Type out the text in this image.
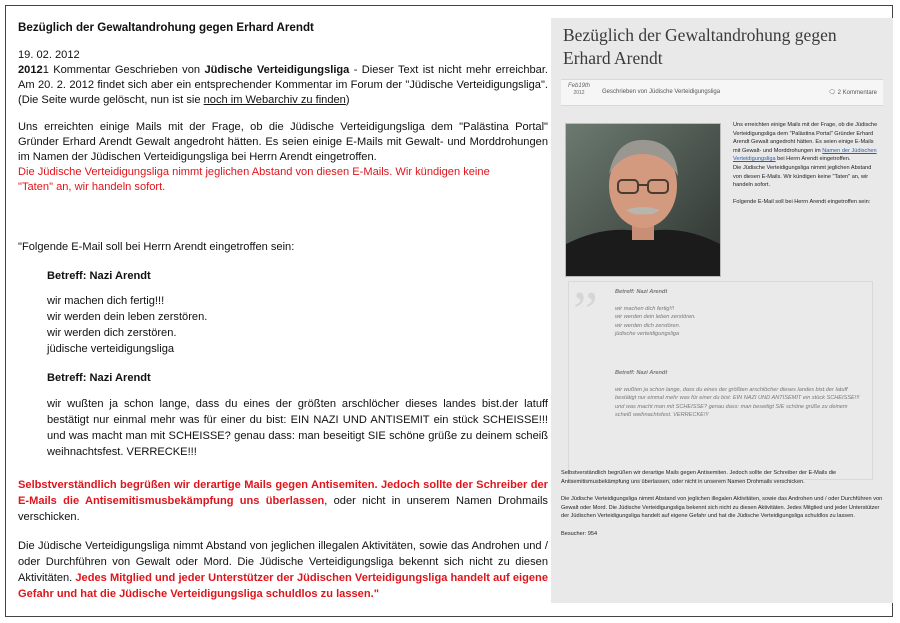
Bezüglich der Gewaltandrohung gegen Erhard Arendt

19. 02. 2012

20121 Kommentar Geschrieben von Jüdische Verteidigungsliga - Dieser Text ist nicht mehr erreichbar. Am 20. 2. 2012 findet sich aber ein entsprechender Kommentar im Forum der "Jüdische Verteidigungsliga". (Die Seite wurde gelöscht, nun ist sie noch im Webarchiv zu finden)

Uns erreichten einige Mails mit der Frage, ob die Jüdische Verteidigungsliga dem "Palästina Portal" Gründer Erhard Arendt Gewalt angedroht hätten. Es seien einige E-Mails mit Gewalt- und Morddrohungen im Namen der Jüdischen Verteidigungsliga bei Herrn Arendt eingetroffen.

Die Jüdische Verteidigungsliga nimmt jeglichen Abstand von diesen E-Mails. Wir kündigen keine "Taten" an, wir handeln sofort.

"Folgende E-Mail soll bei Herrn Arendt eingetroffen sein:

Betreff: Nazi Arendt

wir machen dich fertig!!!

wir werden dein leben zerstören.

wir werden dich zerstören.

jüdische verteidigungsliga

Betreff: Nazi Arendt

wir wußten ja schon lange, dass du eines der größten arschlöcher dieses landes bist.der latuff bestätigt nur einmal mehr was für einer du bist: EIN NAZI UND ANTISEMIT ein stück SCHEISSE!!! und was macht man mit SCHEISSE? genau dass: man beseitigt SIE schöne grüße zu deinem scheiß weihnachtsfest. VERRECKE!!!

Selbstverständlich begrüßen wir derartige Mails gegen Antisemiten. Jedoch sollte der Schreiber der E-Mails die Antisemitismusbekämpfung uns überlassen, oder nicht in unserem Namen Drohmails verschicken.

Die Jüdische Verteidigungsliga nimmt Abstand von jeglichen illegalen Aktivitäten, sowie das Androhen und / oder Durchführen von Gewalt oder Mord. Die Jüdische Verteidigungsliga bekennt sich nicht zu diesen Aktivitäten. Jedes Mitglied und jeder Unterstützer der Jüdischen Verteidigungsliga handelt auf eigene Gefahr und hat die Jüdische Verteidigungsliga schuldlos zu lassen."

Bezüglich der Gewaltandrohung gegen Erhard Arendt
Feb19th
2012	Geschrieben von Jüdische Verteidigungsliga	🗨 2 Kommentare
Uns erreichten einige Mails mit der Frage, ob die Jüdische Verteidigungsliga dem "Palästina Portal" Gründer Erhard Arendt Gewalt angedroht hätten. Es seien einige E-Mails mit Gewalt- und Morddrohungen im Namen der Jüdischen Verteidigungsliga bei Herrn Arendt eingetroffen.
Die Jüdische Verteidigungsliga nimmt jeglichen Abstand von diesen E-Mails. Wir kündigen keine "Taten" an, wir handeln sofort.
Folgende E-Mail soll bei Herrn Arendt eingetroffen sein:
”	Betreff: Nazi Arendt
wir machen dich fertig!!!
wir werden dein leben zerstören.
wir werden dich zerstören.
jüdische verteidigungsliga
Betreff: Nazi Arendt
wir wußten ja schon lange, dass du eines der größten arschlöcher dieses landes bist.der latuff bestätigt nur einmal mehr was für einer du bist: EIN NAZI UND ANTISEMIT ein stück SCHEISSE!!! und was macht man mit SCHEISSE? genau dass: man beseitigt SIE schöne grüße zu deinem scheiß weihnachtsfest. VERRECKE!!!

Selbstverständlich begrüßen wir derartige Mails gegen Antisemiten. Jedoch sollte der Schreiber der E-Mails die Antisemitismusbekämpfung uns überlassen, oder nicht in unserem Namen Drohmails verschicken.

Die Jüdische Verteidigungsliga nimmt Abstand von jeglichen illegalen Aktivitäten, sowie das Androhen und / oder Durchführen von Gewalt oder Mord. Die Jüdische Verteidigungsliga bekennt sich nicht zu diesen Aktivitäten. Jedes Mitglied und jeder Unterstützer der Jüdischen Verteidigungsliga handelt auf eigene Gefahr und hat die Jüdische Verteidigungsliga schuldlos zu lassen.

Besucher: 954
